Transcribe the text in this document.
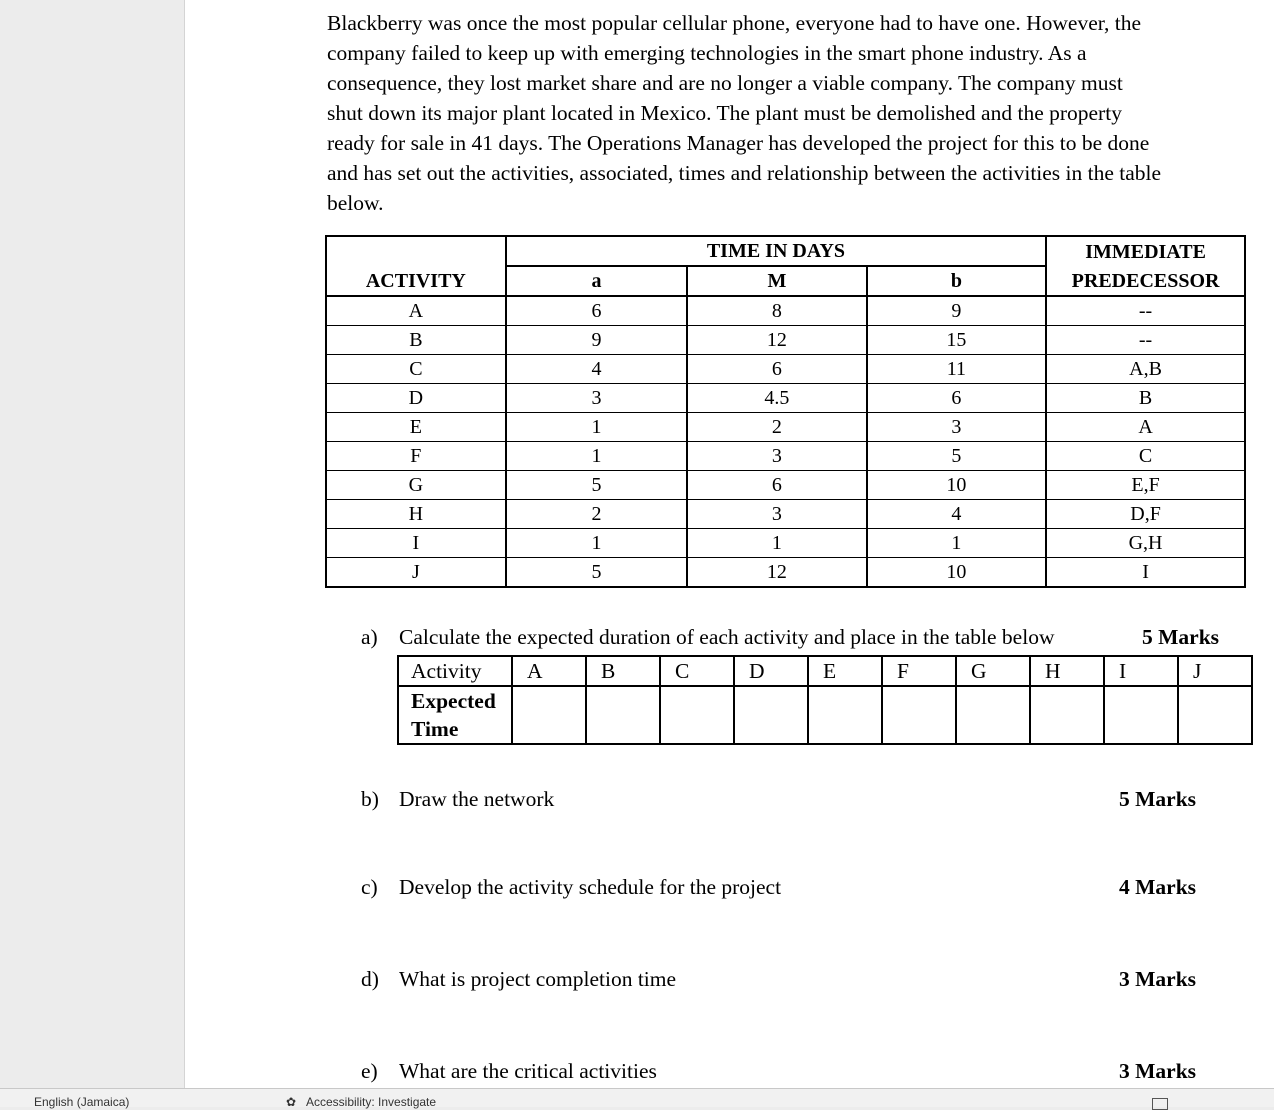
Blackberry was once the most popular cellular phone, everyone had to have one. However, the
company failed to keep up with emerging technologies in the smart phone industry. As a
consequence, they lost market share and are no longer a viable company. The company must
shut down its major plant located in Mexico. The plant must be demolished and the property
ready for sale in 41 days. The Operations Manager has developed the project for this to be done
and has set out the activities, associated, times and relationship between the activities in the table
below.
	TIME IN DAYS			IMMEDIATE
ACTIVITY	a	M	b	PREDECESSOR
A	6	8	9	--
B	9	12	15	--
C	4	6	11	A,B
D	3	4.5	6	B
E	1	2	3	A
F	1	3	5	C
G	5	6	10	E,F
H	2	3	4	D,F
I	1	1	1	G,H
J	5	12	10	I
a) Calculate the expected duration of each activity and place in the table below	5 Marks
Activity	A	B	C	D	E	F	G	H	I	J
Expected
Time										
b) Draw the network	5 Marks
c) Develop the activity schedule for the project	4 Marks
d) What is project completion time	3 Marks
e) What are the critical activities	3 Marks
English (Jamaica)	✿ Accessibility: Investigate
